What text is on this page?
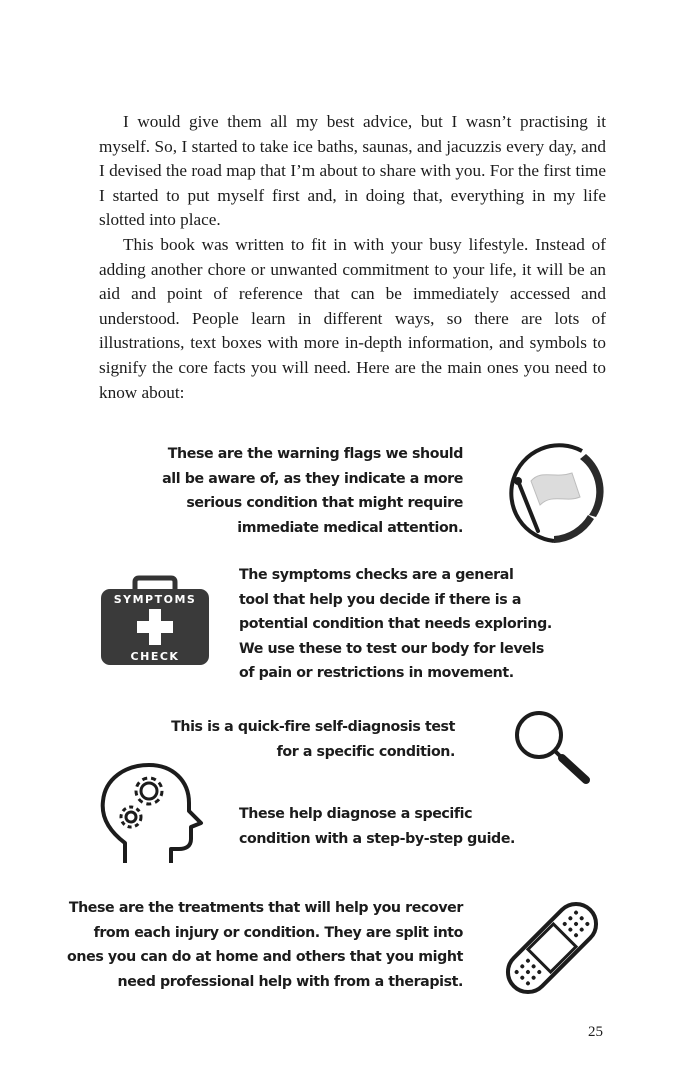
I would give them all my best advice, but I wasn’t practising it myself. So, I started to take ice baths, saunas, and jacuzzis every day, and I devised the road map that I’m about to share with you. For the first time I started to put myself first and, in doing that, everything in my life slotted into place.

This book was written to fit in with your busy lifestyle. Instead of adding another chore or unwanted commitment to your life, it will be an aid and point of reference that can be immediately accessed and understood. People learn in different ways, so there are lots of illustrations, text boxes with more in-depth information, and symbols to signify the core facts you will need. Here are the main ones you need to know about:

These are the warning flags we should
all be aware of, as they indicate a more
serious condition that might require
immediate medical attention.
SYMPTOMS
CHECK
The symptoms checks are a general
tool that help you decide if there is a
potential condition that needs exploring.
We use these to test our body for levels
of pain or restrictions in movement.
This is a quick-fire self-diagnosis test
for a specific condition.
These help diagnose a specific
condition with a step-by-step guide.
These are the treatments that will help you recover
from each injury or condition. They are split into
ones you can do at home and others that you might
need professional help with from a therapist.
25
